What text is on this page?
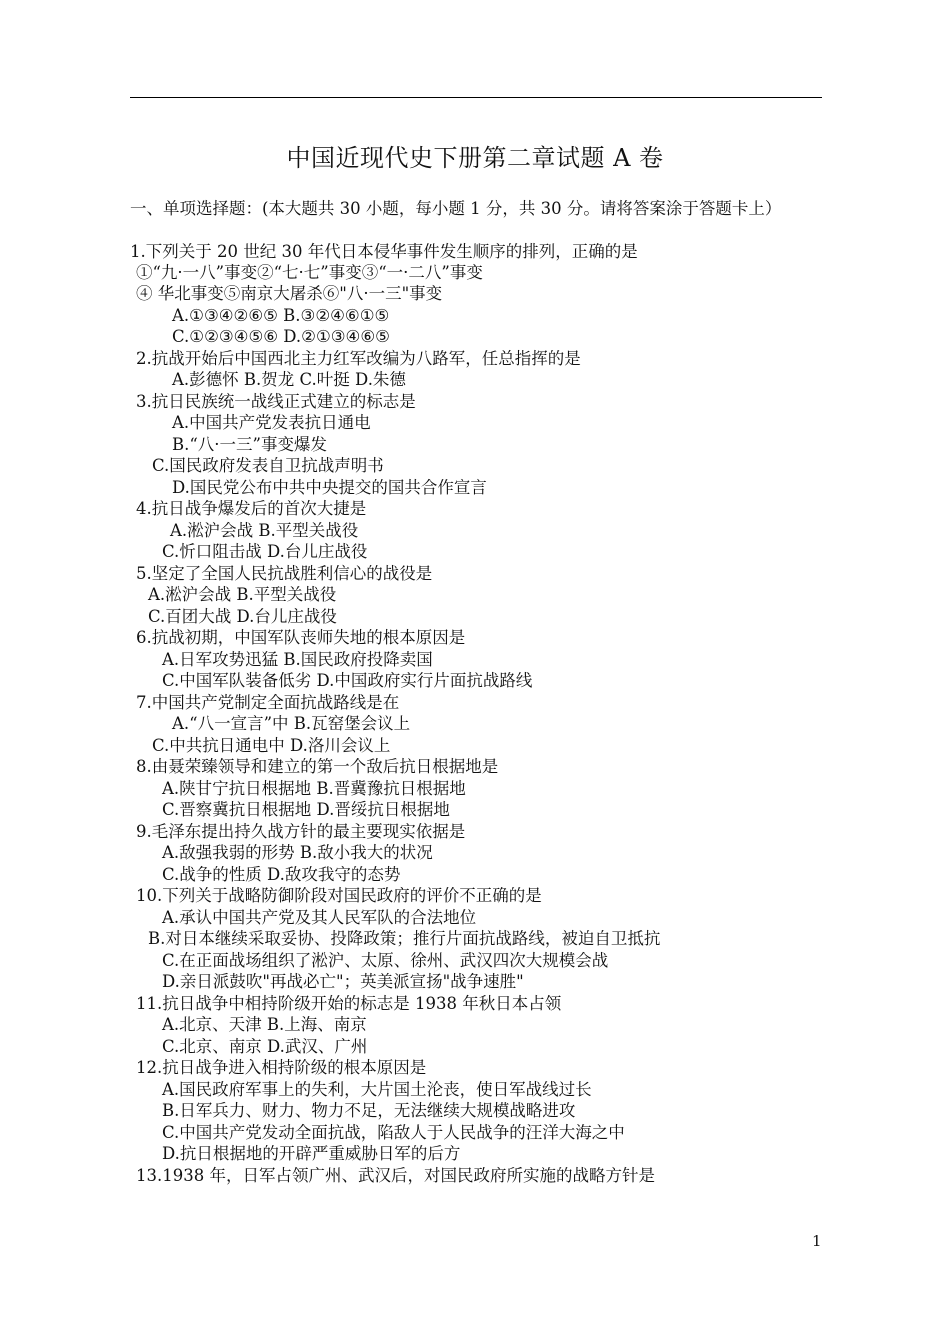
中国近现代史下册第二章试题 A 卷
一、单项选择题：(本大题共 30 小题，每小题 1 分，共 30 分。请将答案涂于答题卡上）
1.下列关于 20 世纪 30 年代日本侵华事件发生顺序的排列，正确的是
①“九·一八”事变②“七·七”事变③“一·二八”事变
④ 华北事变⑤南京大屠杀⑥"八·一三"事变
A.①③④②⑥⑤ B.③②④⑥①⑤
C.①②③④⑤⑥ D.②①③④⑥⑤
2.抗战开始后中国西北主力红军改编为八路军，任总指挥的是
A.彭德怀 B.贺龙 C.叶挺 D.朱德
3.抗日民族统一战线正式建立的标志是
A.中国共产党发表抗日通电
B.“八·一三”事变爆发
C.国民政府发表自卫抗战声明书
D.国民党公布中共中央提交的国共合作宣言
4.抗日战争爆发后的首次大捷是
A.淞沪会战 B.平型关战役
C.忻口阻击战 D.台儿庄战役
5.坚定了全国人民抗战胜利信心的战役是
A.淞沪会战 B.平型关战役
C.百团大战 D.台儿庄战役
6.抗战初期，中国军队丧师失地的根本原因是
A.日军攻势迅猛 B.国民政府投降卖国
C.中国军队装备低劣 D.中国政府实行片面抗战路线
7.中国共产党制定全面抗战路线是在
A.“八一宣言”中 B.瓦窑堡会议上
C.中共抗日通电中 D.洛川会议上
8.由聂荣臻领导和建立的第一个敌后抗日根据地是
A.陕甘宁抗日根据地 B.晋冀豫抗日根据地
C.晋察冀抗日根据地 D.晋绥抗日根据地
9.毛泽东提出持久战方针的最主要现实依据是
A.敌强我弱的形势 B.敌小我大的状况
C.战争的性质 D.敌攻我守的态势
10.下列关于战略防御阶段对国民政府的评价不正确的是
A.承认中国共产党及其人民军队的合法地位
B.对日本继续采取妥协、投降政策；推行片面抗战路线，被迫自卫抵抗
C.在正面战场组织了淞沪、太原、徐州、武汉四次大规模会战
D.亲日派鼓吹"再战必亡"；英美派宣扬"战争速胜"
11.抗日战争中相持阶级开始的标志是 1938 年秋日本占领
A.北京、天津 B.上海、南京
C.北京、南京 D.武汉、广州
12.抗日战争进入相持阶级的根本原因是
A.国民政府军事上的失利，大片国土沦丧，使日军战线过长
B.日军兵力、财力、物力不足，无法继续大规模战略进攻
C.中国共产党发动全面抗战，陷敌人于人民战争的汪洋大海之中
D.抗日根据地的开辟严重威胁日军的后方
13.1938 年，日军占领广州、武汉后，对国民政府所实施的战略方针是
1
